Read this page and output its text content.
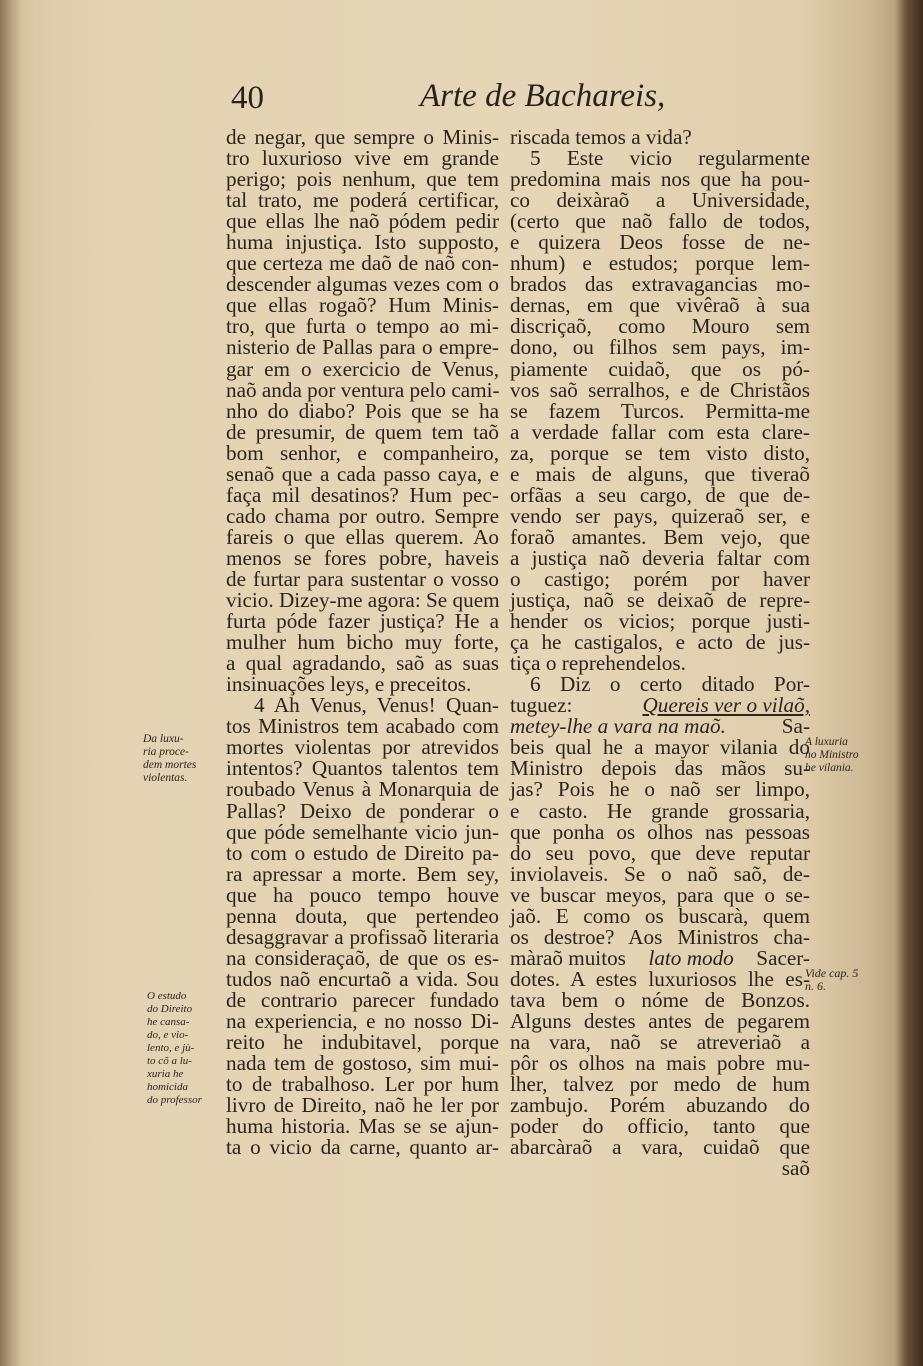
40	Arte de Bachareis,
de negar, que sempre o Minis-
tro luxurioso vive em grande
perigo; pois nenhum, que tem
tal trato, me poderá certificar,
que ellas lhe naõ pódem pedir
huma injustiça. Isto supposto,
que certeza me daõ de naõ con-
descender algumas vezes com o
que ellas rogaõ? Hum Minis-
tro, que furta o tempo ao mi-
nisterio de Pallas para o empre-
gar em o exercicio de Venus,
naõ anda por ventura pelo cami-
nho do diabo? Pois que se ha
de presumir, de quem tem taõ
bom senhor, e companheiro,
senaõ que a cada passo caya, e
faça mil desatinos? Hum pec-
cado chama por outro. Sempre
fareis o que ellas querem. Ao
menos se fores pobre, haveis
de furtar para sustentar o vosso
vicio. Dizey-me agora: Se quem
furta póde fazer justiça? He a
mulher hum bicho muy forte,
a qual agradando, saõ as suas
insinuações leys, e preceitos.
4 Ah Venus, Venus! Quan-
tos Ministros tem acabado com
mortes violentas por atrevidos
intentos? Quantos talentos tem
roubado Venus à Monarquia de
Pallas? Deixo de ponderar o
que póde semelhante vicio jun-
to com o estudo de Direito pa-
ra apressar a morte. Bem sey,
que ha pouco tempo houve
penna douta, que pertendeo
desaggravar a profissaõ literaria
na consideraçaõ, de que os es-
tudos naõ encurtaõ a vida. Sou
de contrario parecer fundado
na experiencia, e no nosso Di-
reito he indubitavel, porque
nada tem de gostoso, sim mui-
to de trabalhoso. Ler por hum
livro de Direito, naõ he ler por
huma historia. Mas se se ajun-
ta o vicio da carne, quanto ar-
riscada temos a vida?
5 Este vicio regularmente
predomina mais nos que ha pou-
co deixàraõ a Universidade,
(certo que naõ fallo de todos,
e quizera Deos fosse de ne-
nhum) e estudos; porque lem-
brados das extravagancias mo-
dernas, em que vivêraõ à sua
discriçaõ, como Mouro sem
dono, ou filhos sem pays, im-
piamente cuidaõ, que os pó-
vos saõ serralhos, e de Christãos
se fazem Turcos. Permitta-me
a verdade fallar com esta clare-
za, porque se tem visto disto,
e mais de alguns, que tiveraõ
orfãas a seu cargo, de que de-
vendo ser pays, quizeraõ ser, e
foraõ amantes. Bem vejo, que
a justiça naõ deveria faltar com
o castigo; porém por haver
justiça, naõ se deixaõ de repre-
hender os vicios; porque justi-
ça he castigalos, e acto de jus-
tiça o reprehendelos.
6 Diz o certo ditado Por-
tuguez:	Quereis ver o vilaõ,
metey-lhe a vara na maõ.	Sa-
beis qual he a mayor vilania do
Ministro depois das mãos su-
jas? Pois he o naõ ser limpo,
e casto. He grande grossaria,
que ponha os olhos nas pessoas
do seu povo, que deve reputar
inviolaveis. Se o naõ saõ, de-
ve buscar meyos, para que o se-
jaõ. E como os buscarà, quem
os destroe? Aos Ministros cha-
màraõ muitos lato modo Sacer-
dotes. A estes luxuriosos lhe es-
tava bem o nóme de Bonzos.
Alguns destes antes de pegarem
na vara, naõ se atreveriaõ a
pôr os olhos na mais pobre mu-
lher, talvez por medo de hum
zambujo. Porém abuzando do
poder do officio, tanto que
abarcàraõ a vara, cuidaõ que
saõ
Da luxu-
ria proce-
dem mortes
violentas.
O estudo
do Direito
he cansa-
do, e vio-
lento, e jù-
to cõ a lu-
xuria he
homicida
do professor
A luxuria
no Ministro
he vilania.
Vide cap. 5
n. 6.
